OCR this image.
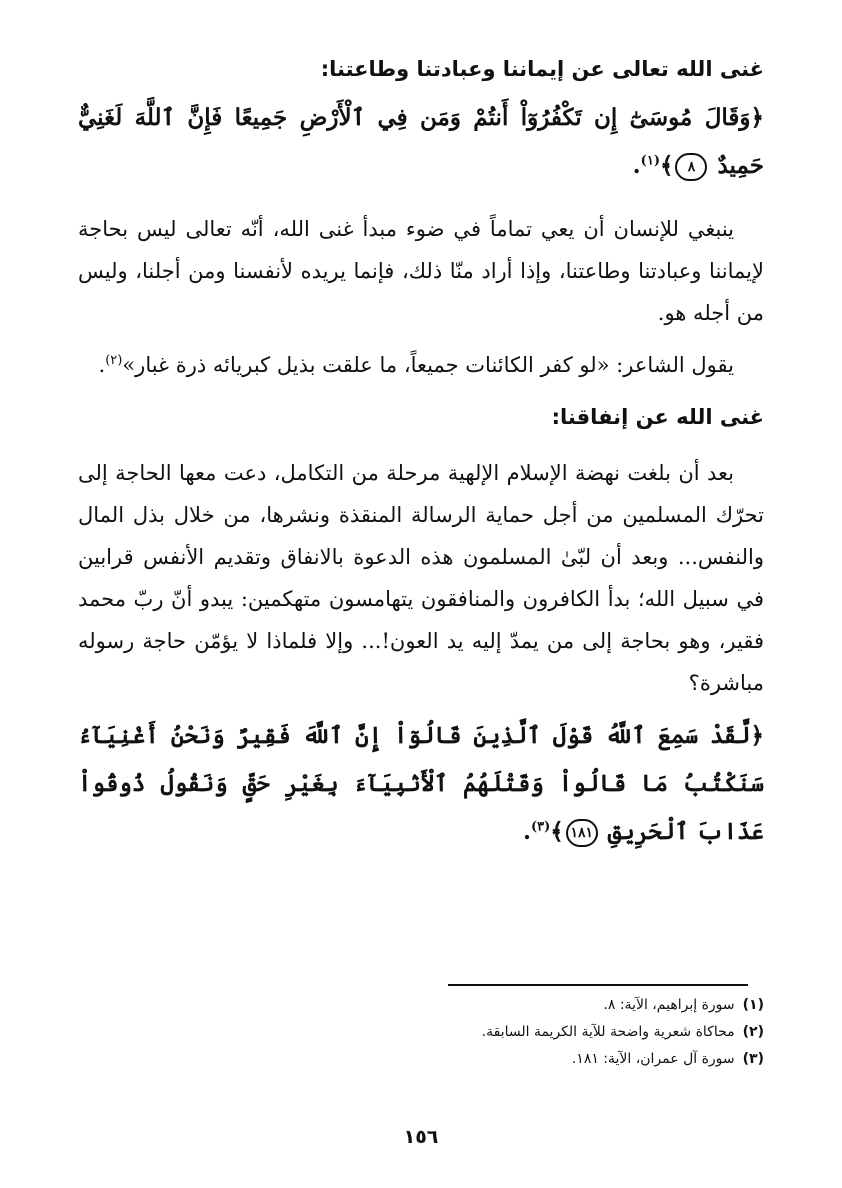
غنى الله تعالى عن إيماننا وعبادتنا وطاعتنا:

﴿وَقَالَ مُوسَىٰٓ إِن تَكْفُرُوٓاْ أَنتُمْ وَمَن فِي ٱلْأَرْضِ جَمِيعًا فَإِنَّ ٱللَّهَ لَغَنِيٌّ حَمِيدٌ ٨﴾$^{(١)}$.

ينبغي للإنسان أن يعي تماماً في ضوء مبدأ غنى الله، أنّه تعالى ليس بحاجة لإيماننا وعبادتنا وطاعتنا، وإذا أراد منّا ذلك، فإنما يريده لأنفسنا ومن أجلنا، وليس من أجله هو.

يقول الشاعر: «لو كفر الكائنات جميعاً، ما علقت بذيل كبريائه ذرة غبار»$^{(٢)}$.

غنى الله عن إنفاقنا:

بعد أن بلغت نهضة الإسلام الإلهية مرحلة من التكامل، دعت معها الحاجة إلى تحرّك المسلمين من أجل حماية الرسالة المنقذة ونشرها، من خلال بذل المال والنفس... وبعد أن لبّىٰ المسلمون هذه الدعوة بالانفاق وتقديم الأنفس قرابين في سبيل الله؛ بدأ الكافرون والمنافقون يتهامسون متهكمين: يبدو أنّ ربّ محمد فقير، وهو بحاجة إلى من يمدّ إليه يد العون!... وإلا فلماذا لا يؤمّن حاجة رسوله مباشرة؟

﴿لَّقَدْ سَمِعَ ٱللَّهُ قَوْلَ ٱلَّذِينَ قَالُوٓاْ إِنَّ ٱللَّهَ فَقِيرٌ وَنَحْنُ أَغْنِيَآءُ سَنَكْتُبُ مَا قَالُواْ وَقَتْلَهُمُ ٱلْأَنۢبِيَآءَ بِغَيْرِ حَقٍّ وَنَقُولُ ذُوقُواْ عَذَابَ ٱلْحَرِيقِ ١٨١﴾$^{(٣)}$.

(١)سورة إبراهيم، الآية: ٨.
(٢)محاكاة شعرية واضحة للآية الكريمة السابقة.
(٣)سورة آل عمران، الآية: ١٨١.
١٥٦
